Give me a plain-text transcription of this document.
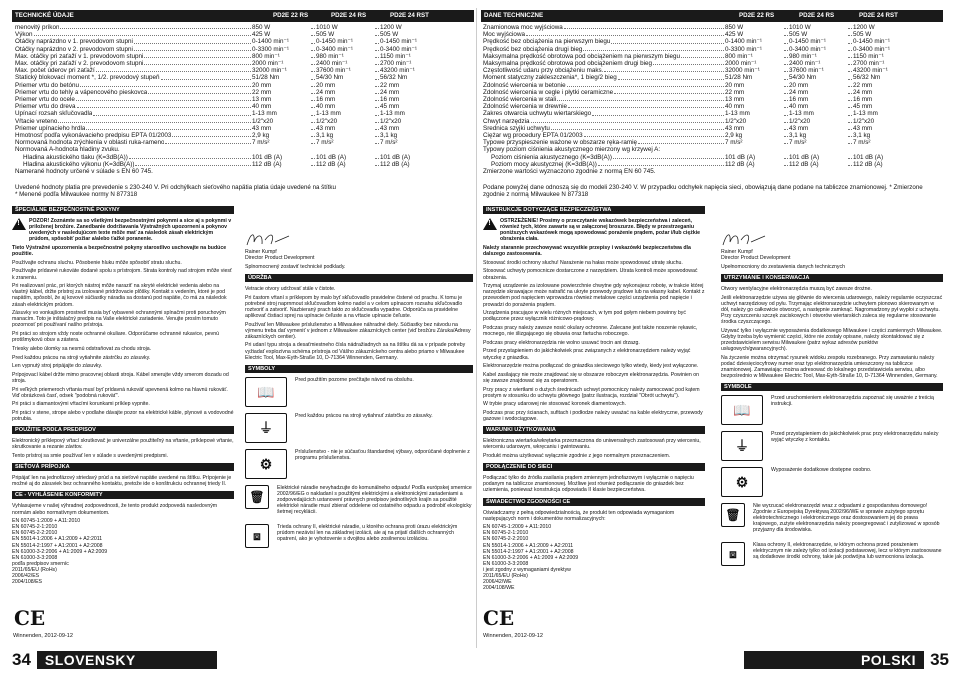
TECHNICKÉ ÚDAJE	PD2E 22 RS	PD2E 24 RS	PD2E 24 RST
menovitý príkon	850 W	1010 W	1200 W
Výkon	425 W	505 W	505 W
Otáčky naprázdno v 1. prevodovom stupni	0-1400 min⁻¹	0-1450 min⁻¹	0-1450 min⁻¹
Otáčky naprázdno v 2. prevodovom stupni	0-3300 min⁻¹	0-3400 min⁻¹	0-3400 min⁻¹
Max. otáčky pri zaťaží v 1. prevodovom stupni	800 min⁻¹	980 min⁻¹	1150 min⁻¹
Max. otáčky pri zaťaží v 2. prevodovom stupni	2000 min⁻¹	2400 min⁻¹	2700 min⁻¹
Max. počet úderov pri zaťaží	32000 min⁻¹	37600 min⁻¹	43200 min⁻¹
Statický blokovací moment *, 1/2. prevodový stupeň	51/28 Nm	54/30 Nm	56/32 Nm
Priemer vrtu do betónu	20 mm	20 mm	22 mm
Priemer vrtu do tehly a vápencového pieskovca	22 mm	24 mm	24 mm
Priemer vrtu do ocele	13 mm	16 mm	16 mm
Priemer vrtu do dreva	40 mm	40 mm	45 mm
Upínací rozsah skľučovadla	1-13 mm	1-13 mm	1-13 mm
Vŕtacie vreteno	1/2"x20	1/2"x20	1/2"x20
Priemer upínacieho hrdla	43 mm	43 mm	43 mm
Hmotnosť podľa vykonávacieho predpisu EPTA 01/2003	2,9 kg	3,1 kg	3,1 kg
Normovaná hodnota zrýchlenia v oblasti ruka-rameno	7 m/s²	7 m/s²	7 m/s²
Normovaná A-hodnota hladiny zvuku.
Hladina akustického tlaku (K=3dB(A))	101 dB (A)	101 dB (A)	101 dB (A)
Hladina akustického výkonu (K=3dB(A))	112 dB (A)	112 dB (A)	112 dB (A)
Namerané hodnoty určené v súlade s EN 60 745.
Uvedené hodnoty platia pre prevedenie s 230-240 V. Pri odchýlkach sieťového napätia platia údaje uvedené na štítku
* Menené podľa Milwaukee normy N 877318
ŠPECIÁLNE BEZPEČNOSTNÉ POKYNY
!

POZOR! Zoznámte sa so všetkými bezpečnostnými pokynmi a sice aj s pokynmi v priloženej brožúre. Zanedbanie dodržiavania Výstražných upozornení a pokynov uvedených v nasledujúcom texte môže mať za následok zásah elektrickým prúdom, spôsobiť požiar a/alebo ťažké poranenie.

Tieto Výstražné upozornenia a bezpečnostné pokyny starostlivo uschovajte na budúce použitie.

Používajte ochranu sluchu. Pôsobenie hluku môže spôsobiť stratu sluchu.

Používajte prídavné rukoväte dodané spolu s prístrojom. Strata kontroly nad strojom môže viesť k zraneniu.

Pri realizovaní prác, pri ktorých nástroj môže narazit' na skryté elektrické vedenia alebo na vlastný kábel, držte prístroj za izolované pridržovacie plôšky. Kontakt s vedením, ktoré je pod napätím, spôsobí, že aj kovové súčiastky náradia sa dostanú pod napätie, čo má za následok zásah elektrickým prúdom.

Zásuvky vo vonkajšom prostredí musia byť vybavené ochrannými spínačmi proti poruchovým manacím. Toto je inštalačný predpis na Vaše elektrické zariadenie. Venujte prosím tomuto pozornosť pri používaní našho prístroja.

Pri práci so strojom vždy noste ochranné okuliare. Odporúčame ochranné rukavice, pevnú protišmykovú obuv a zástera.

Triesky alebo úlomky sa nesmú odstraňovat za chodu stroja.

Pred každou prácou na stroji vytiahnite zástrčku zo zásuvky.

Len vypnutý stroj pripájajte do zásuvky.

Prípojovací kábel držte mimo pracovnej oblasti stroja. Kábel smerujte vždy smerom dozadu od stroja.

Pri veľkých priemeroch vŕtania musí byť prídavná rukoväť upevnená kolmo na hlavnú rukoväť. Viď obrázková časť, odsek "podobná rukoväť".

Pri práci s diamantovými vŕtacími korunkami príklep vypnite.

Pri práci v stene, strope alebo v podlahe dávajte pozor na elektrické káble, plynové a vodovodné potrubia.

POUŽITIE PODĽA PREDPISOV

Elektronický príklepový vŕtací skrutkovač je univerzálne použiteľný na vŕtanie, príklepové vŕtanie, skrutkovanie a rezanie závitov.

Tento prístroj sa smie používať len v súlade s uvedenými predpismi.

SIEŤOVÁ PRÍPOJKA

Pripájať len na jednofázový striedavý prúd a na sieťové napätie uvedené na štítku. Prípojenie je možné aj do zásuviek bez ochranného kontaktu, pretože ide o konštrukciu ochrannej triedy II.

CE - VYHLÁSENIE KONFORMITY

Vyhlasujeme v našej výhradnej zodpovednosti, že tento produkt zodpovedá nasledovným normám alebo normatívnym dokumentom.

EN 60745-1:2009 + A11:2010
EN 60745-2-1:2010
EN 60745-2-2:2010
EN 55014-1:2006 + A1:2009 + A2:2011
EN 55014-2:1997 + A1:2001 + A2:2008
EN 61000-3-2:2006 + A1:2009 + A2:2009
EN 61000-3-3:2008
podľa predpisov smerníc
2011/65/EU (RoHs)
2006/42/ES
2004/108/ES
CE
Winnenden, 2012-09-12

Rainer Kumpf

Director Product Development

Splnomocnený zostaviť technické podklady.

ÚDRŽBA

Vetracie otvory udržovať stále v čistote.

Pri častom vŕtaní s príklepom by malo byť skľučovadlo pravidelne čistené od prachu. K tomu je potrebné stroj naprnmout skľučovadlom kolmo nadol a v celom upínacom rozsahu skľučovadlo roztvoriť a zatvoriť. Nazbieraný prach takto zo skľučovadla vypadne. Odporúča sa pravidelne aplikovať čistiaci sprej na upínacie čeľuste a na vŕtacie upínacie čeľuste.

Používať len Milwaukee príslušenstvo a Milwaukee náhradné diely. Súčiastky bez návodu na výmenu treba dať vymeniť v jednom z Milwaukee zákazníckych center (viď brožúru Záruka/Adresy zákazníckych centier).

Pri udaní typu stroja a desaťmiestneho čísla nádražiadnych sa na štítku dá sa v prípade potreby vyžiadať explozívna schéma prístroja od Vášho zákazníckeho centra alebo priamo v Milwaukee Electric Tool, Max-Eyth-Straße 10, D-71364 Winnenden, Germany.

SYMBOLY
📖

Pred použitím pozorne prečítajte návod na obsluhu.

⏚

Pred každou prácou na stroji vytiahnuť zástrčku zo zásuvky.

⚙

Príslušenstvo - nie je súčasťou štandardnej výbavy, odporúčané doplnenie z programu príslušenstva.

🗑

Elektrické náradie nevyhadzujte do komunálneho odpadu! Podľa európskej smernice 2002/96/EG o nakladaní s použitými elektrickými a elektronickými zariadeniami a zodpovedajúcich ustanovení právnych predpisov jednotlivých krajín sa použité elektrické náradie musí zbierať oddelene od ostatného odpadu a podrobiť ekologicky šetrnej recyklácii.

⧈

Trieda ochrany II, elektrické náradie, u ktorého ochrana proti úrazu elektrickým prúdom nezávisí len na základnej izolácii, ale aj na prijatí ďalších ochranných opatrení, ako je vyhotovenie s dvojitou alebo zosilnenou izoláciou.

34	SLOVENSKY
DANE TECHNICZNE	PD2E 22 RS	PD2E 24 RS	PD2E 24 RST
Znamionowa moc wyjściowa	850 W	1010 W	1200 W
Moc wyjściowa	425 W	505 W	505 W
Prędkość bez obciążenia na pierwszym biegu	0-1400 min⁻¹	0-1450 min⁻¹	0-1450 min⁻¹
Prędkość bez obciążenia drugi bieg	0-3300 min⁻¹	0-3400 min⁻¹	0-3400 min⁻¹
Maksymalna prędkość obrotowa pod obciążeniem na pierwszym biegu	800 min⁻¹	980 min⁻¹	1150 min⁻¹
Maksymalna prędkość obrotowa pod obciążeniem drugi bieg	2000 min⁻¹	2400 min⁻¹	2700 min⁻¹
Częstotliwość udaru przy obciążeniu maks.	32000 min⁻¹	37600 min⁻¹	43200 min⁻¹
Moment statyczny zakleszczenia*, 1 bieg/2 bieg	51/28 Nm	54/30 Nm	56/32 Nm
Zdolność wiercenia w betonie	20 mm	20 mm	22 mm
Zdolność wiercenia w cegle i płytki ceramiczne	22 mm	24 mm	24 mm
Zdolność wiercenia w stali	13 mm	16 mm	16 mm
Zdolność wiercenia w drewnie	40 mm	40 mm	45 mm
Zakres otwarcia uchwytu wiertarskiego	1-13 mm	1-13 mm	1-13 mm
Chwyt narzędzia	1/2"x20	1/2"x20	1/2"x20
Średnica szyjki uchwytu	43 mm	43 mm	43 mm
Ciężar wg procedury EPTA 01/2003	2,9 kg	3,1 kg	3,1 kg
Typowe przyspieszenie ważone w obszarze ręka-ramię	7 m/s²	7 m/s²	7 m/s²
Typowy poziom ciśnienia akustycznego mierzony wg krzywej A:
Poziom ciśnienia akustycznego (K=3dB(A))	101 dB (A)	101 dB (A)	101 dB (A)
Poziom mocy akustycznej (K=3dB(A))	112 dB (A)	112 dB (A)	112 dB (A)
Zmierzone wartości wyznaczono zgodnie z normą EN 60 745.
Podane powyżej dane odnoszą się do modeli 230-240 V. W przypadku odchyłek napięcia sieci, obowiązują dane podane na tabliczce znamionowej. * Zmierzone zgodnie z normą Milwaukee N 877318
INSTRUKCJE DOTYCZĄCE BEZPIECZEŃSTWA
!

OSTRZEŻENIE! Prosimy o przeczytanie wskazówek bezpieczeństwa i zaleceń, również tych, które zawarte są w załączonej broszurze. Błędy w przestrzeganiu poniższych wskazówek mogą spowodować porażenie prądem, pożar i/lub ciężkie obrażenia ciała.

Należy starannie przechowywać wszystkie przepisy i wskazówki bezpieczeństwa dla dalszego zastosowania.

Stosować środki ochrony słuchu! Narażenie na hałas może spowodować utratę słuchu.

Stosować uchwyty pomocnicze dostarczone z narzędziem. Utrata kontroli może spowodować obrażenia.

Trzymaj urządzenie za izolowane powierzchnie chwytne gdy wykonujesz robotę, w trakcie której narzędzie skrawające może natrafić na ukryte przewody prądowe lub na własny kabel. Kontakt z przewodem pod napięciem wprowadza również metalowe części urządzenia pod napięcie i prowadzi do porażenia prądem.

Urządzenia pracujące w wielu różnych miejscach, w tym pod gołym niebem powinny być podłączone przez wyłącznik różnicowo-prądowy.

Podczas pracy należy zawsze nosić okulary ochronne. Zalecane jest także noszenie rękawic, mocnego, nie ślizgającego się obuwia oraz fartucha roboczego.

Podczas pracy elektronarzędzia nie wolno usuwać trocin ani drzazg.

Przed przystąpieniem do jakichkolwiek prac związanych z elektronarzędziem należy wyjąć wtyczkę z gniazdka.

Elektronarzędzie można podłączać do gniazdka sieciowego tylko wtedy, kiedy jest wyłączone.

Kabel zasilający nie może znajdować się w obszarze roboczym elektronarzędzia. Powinien on się zawsze znajdować się za operatorem.

Przy pracy z wiertłami o dużych średnicach uchwyt pomocniczy należy zamocować pod kątem prostym w stosunku do uchwytu głównego (patrz ilustracja, rozdział "Obrót uchwytu").

W trybie pracy udarowej nie stosować koronek diamentowych.

Podczas prac przy ścianach, sufitach i podłodze należy uważać na kable elektryczne, przewody gazowe i wodociągowe.

WARUNKI UŻYTKOWANIA

Elektroniczna wiertarka/wkrętarka przeznaczona do uniwersalnych zastosowań przy wierceniu, wierceniu udarowym, wkręcaniu i gwintowaniu.

Produkt można użytkować wyłącznie zgodnie z jego normalnym przeznaczeniem.

PODŁĄCZENIE DO SIECI

Podłączać tylko do źródła zasilania prądem zmiennym jednofazowym i wyłącznie o napięciu podanym na tabliczce znamionowej. Możliwe jest również podłączanie do gniazdek bez uziemienia, ponieważ konstrukcja odpowiada II klasie bezpieczeństwa.

ŚWIADECTWO ZGODNOŚCI CE

Oświadczamy z pełną odpowiedzialnością, że produkt ten odpowiada wymaganiom następujących norm i dokumentów normalizacyjnych:

EN 60745-1:2009 + A11:2010
EN 60745-2-1:2010
EN 60745-2-2:2010
EN 55014-1:2006 + A1:2009 + A2:2011
EN 55014-2:1997 + A1:2001 + A2:2008
EN 61000-3-2:2006 + A1:2009 + A2:2009
EN 61000-3-3:2008
i jest zgodny z wymaganiami dyrektyw
2011/65/EU (RoHs)
2006/42/WE
2004/108/WE
CE
Winnenden, 2012-09-12

Rainer Kumpf

Director Product Development

Upełnomocniony do zestawienia danych technicznych

UTRZYMANIE I KONSERWACJA

Otwory wentylacyjne elektronarzędzia muszą być zawsze drożne.

Jeśli elektronarzędzie używa się głównie do wiercenia udarowego, należy regularnie oczyszczać uchwyt narzędziowy od pyłu. Trzymając elektronarzędzie uchwytem pionowo skierowanym w dół, należy go całkowicie otworzyć, a następnie zamknąć. Nagromadzony pył wypłoi z uchwytu. Przy czyszczeniu szczęk zaciskowych i otworów wiertarskich zaleca się regularne stosowanie środka czyszczącego.

Używać tylko i wyłącznie wyposażenia dodatkowego Milwaukee i części zamiennych Milwaukee. Gdyby trzeba było wymienić części, które nie zostały opisane, należy skontaktować się z przedstawicielem serwisu Milwaukee (patrz wykaz adresów punktów usługowych/gwarancyjnych).

Na życzenie można otrzymać rysunek widoku zespołu rozebranego. Przy zamawianiu należy podać dziesięciocyfrowy numer oraz typ elektronarzędzia umieszczony na tabliczce znamionowej. Zamawiając można adresować do lokalnego przedstawiciela serwisu, albo bezpośrednio w Milwaukee Electric Tool, Max-Eyth-Straße 10, D-71364 Winnenden, Germany.

SYMBOLE
📖

Przed uruchomieniem elektronarzędzia zapoznać się uważnie z treścią instrukcji.

⏚

Przed przystąpieniem do jakichkolwiek prac przy elektronarzędziu należy wyjąć wtyczkę z kontaktu.

⚙

Wyposażenie dodatkowe dostępne osobno.

🗑

Nie wyrzucać elektronarzędzi wraz z odpadami z gospodarstwa domowego! Zgodnie z Europejską Dyrektywą 2002/96/WE w sprawie zużytego sprzętu elektrotechnicznego i elektronicznego oraz dostosowaniem jej do prawa krajowego, zużyte elektronarzędzia należy posegregować i zutylizować w sposób przyjazny dla środowiska.

⧈

Klasa ochrony II, elektronarzędzie, w którym ochrona przed porażeniem elektrycznym nie zależy tylko od izolacji podstawowej, lecz w którym zastosowane są dodatkowe środki ochrony, takie jak podwójna lub wzmocniona izolacja.

POLSKI 35
